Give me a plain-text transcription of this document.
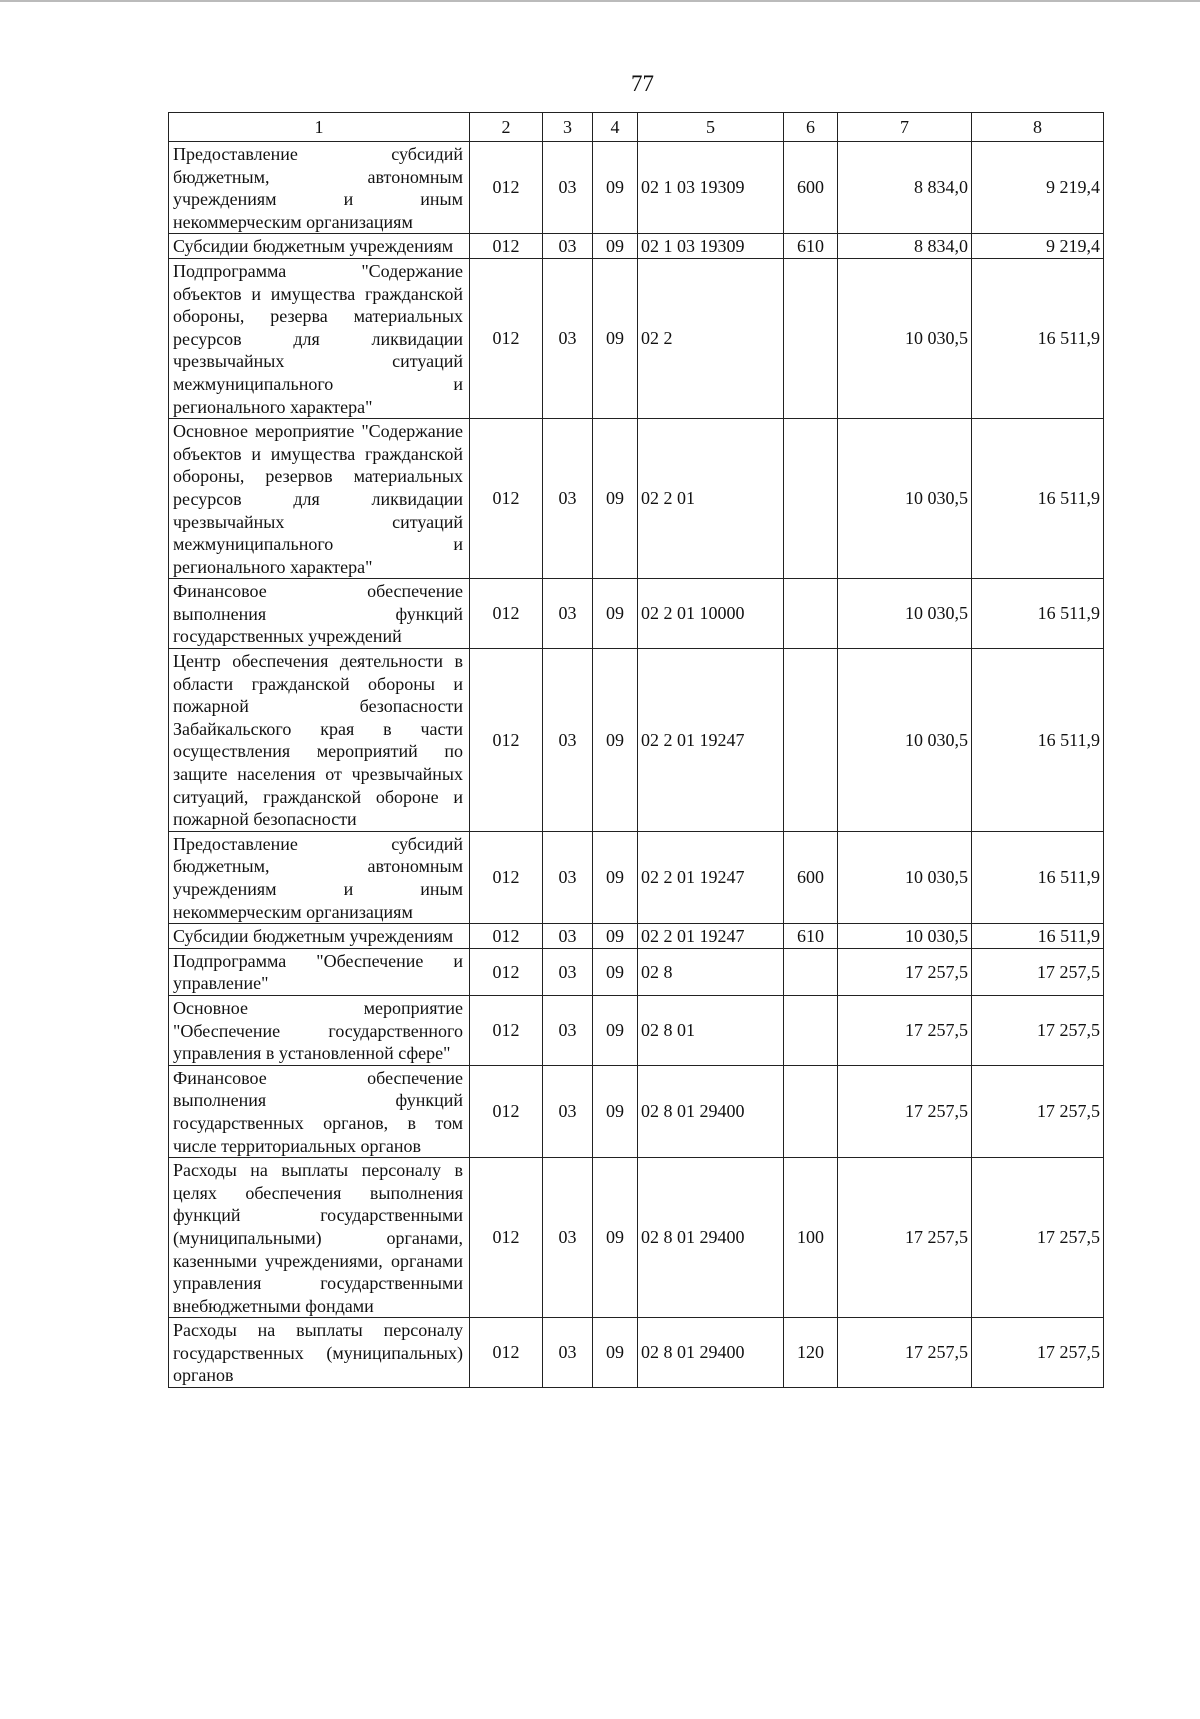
77
1	2	3	4	5	6	7	8
Предоставление субсидий бюджетным, автономным учреждениям и иным некоммерческим организациям	012	03	09	02 1 03 19309	600	8 834,0	9 219,4
Субсидии бюджетным учреждениям	012	03	09	02 1 03 19309	610	8 834,0	9 219,4
Подпрограмма "Содержание объектов и имущества гражданской обороны, резерва материальных ресурсов для ликвидации чрезвычайных ситуаций межмуниципального и регионального характера"	012	03	09	02 2		10 030,5	16 511,9
Основное мероприятие "Содержание объектов и имущества гражданской обороны, резервов материальных ресурсов для ликвидации чрезвычайных ситуаций межмуниципального и регионального характера"	012	03	09	02 2 01		10 030,5	16 511,9
Финансовое обеспечение выполнения функций государственных учреждений	012	03	09	02 2 01 10000		10 030,5	16 511,9
Центр обеспечения деятельности в области гражданской обороны и пожарной безопасности Забайкальского края в части осуществления мероприятий по защите населения от чрезвычайных ситуаций, гражданской обороне и пожарной безопасности	012	03	09	02 2 01 19247		10 030,5	16 511,9
Предоставление субсидий бюджетным, автономным учреждениям и иным некоммерческим организациям	012	03	09	02 2 01 19247	600	10 030,5	16 511,9
Субсидии бюджетным учреждениям	012	03	09	02 2 01 19247	610	10 030,5	16 511,9
Подпрограмма "Обеспечение и управление"	012	03	09	02 8		17 257,5	17 257,5
Основное мероприятие "Обеспечение государственного управления в установленной сфере"	012	03	09	02 8 01		17 257,5	17 257,5
Финансовое обеспечение выполнения функций государственных органов, в том числе территориальных органов	012	03	09	02 8 01 29400		17 257,5	17 257,5
Расходы на выплаты персоналу в целях обеспечения выполнения функций государственными (муниципальными) органами, казенными учреждениями, органами управления государственными внебюджетными фондами	012	03	09	02 8 01 29400	100	17 257,5	17 257,5
Расходы на выплаты персоналу государственных (муниципальных) органов	012	03	09	02 8 01 29400	120	17 257,5	17 257,5
